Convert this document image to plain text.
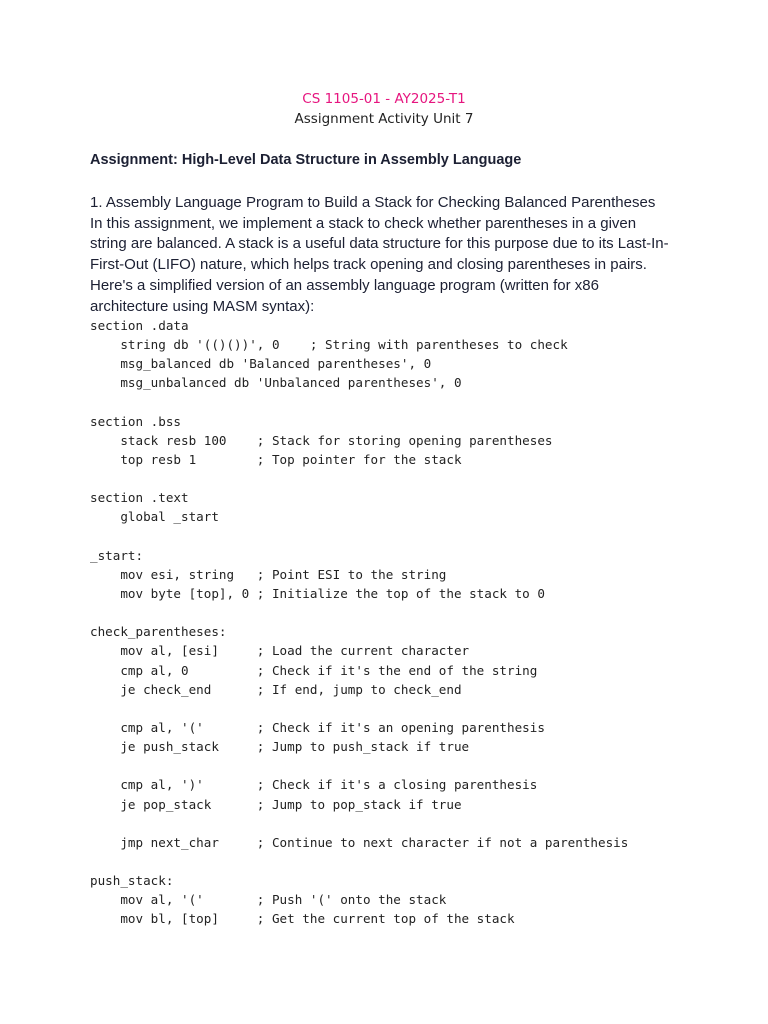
CS 1105-01 - AY2025-T1
Assignment Activity Unit 7
Assignment: High-Level Data Structure in Assembly Language
1. Assembly Language Program to Build a Stack for Checking Balanced Parentheses
In this assignment, we implement a stack to check whether parentheses in a given
string are balanced. A stack is a useful data structure for this purpose due to its Last-In-
First-Out (LIFO) nature, which helps track opening and closing parentheses in pairs.
Here's a simplified version of an assembly language program (written for x86
architecture using MASM syntax):
section .data
string db '(()())', 0    ; String with parentheses to check
msg_balanced db 'Balanced parentheses', 0
msg_unbalanced db 'Unbalanced parentheses', 0
section .bss
stack resb 100    ; Stack for storing opening parentheses
top resb 1        ; Top pointer for the stack
section .text
global _start
_start:
mov esi, string   ; Point ESI to the string
mov byte [top], 0 ; Initialize the top of the stack to 0
check_parentheses:
mov al, [esi]     ; Load the current character
cmp al, 0         ; Check if it's the end of the string
je check_end      ; If end, jump to check_end
cmp al, '('       ; Check if it's an opening parenthesis
je push_stack     ; Jump to push_stack if true
cmp al, ')'       ; Check if it's a closing parenthesis
je pop_stack      ; Jump to pop_stack if true
jmp next_char     ; Continue to next character if not a parenthesis
push_stack:
mov al, '('       ; Push '(' onto the stack
mov bl, [top]     ; Get the current top of the stack
